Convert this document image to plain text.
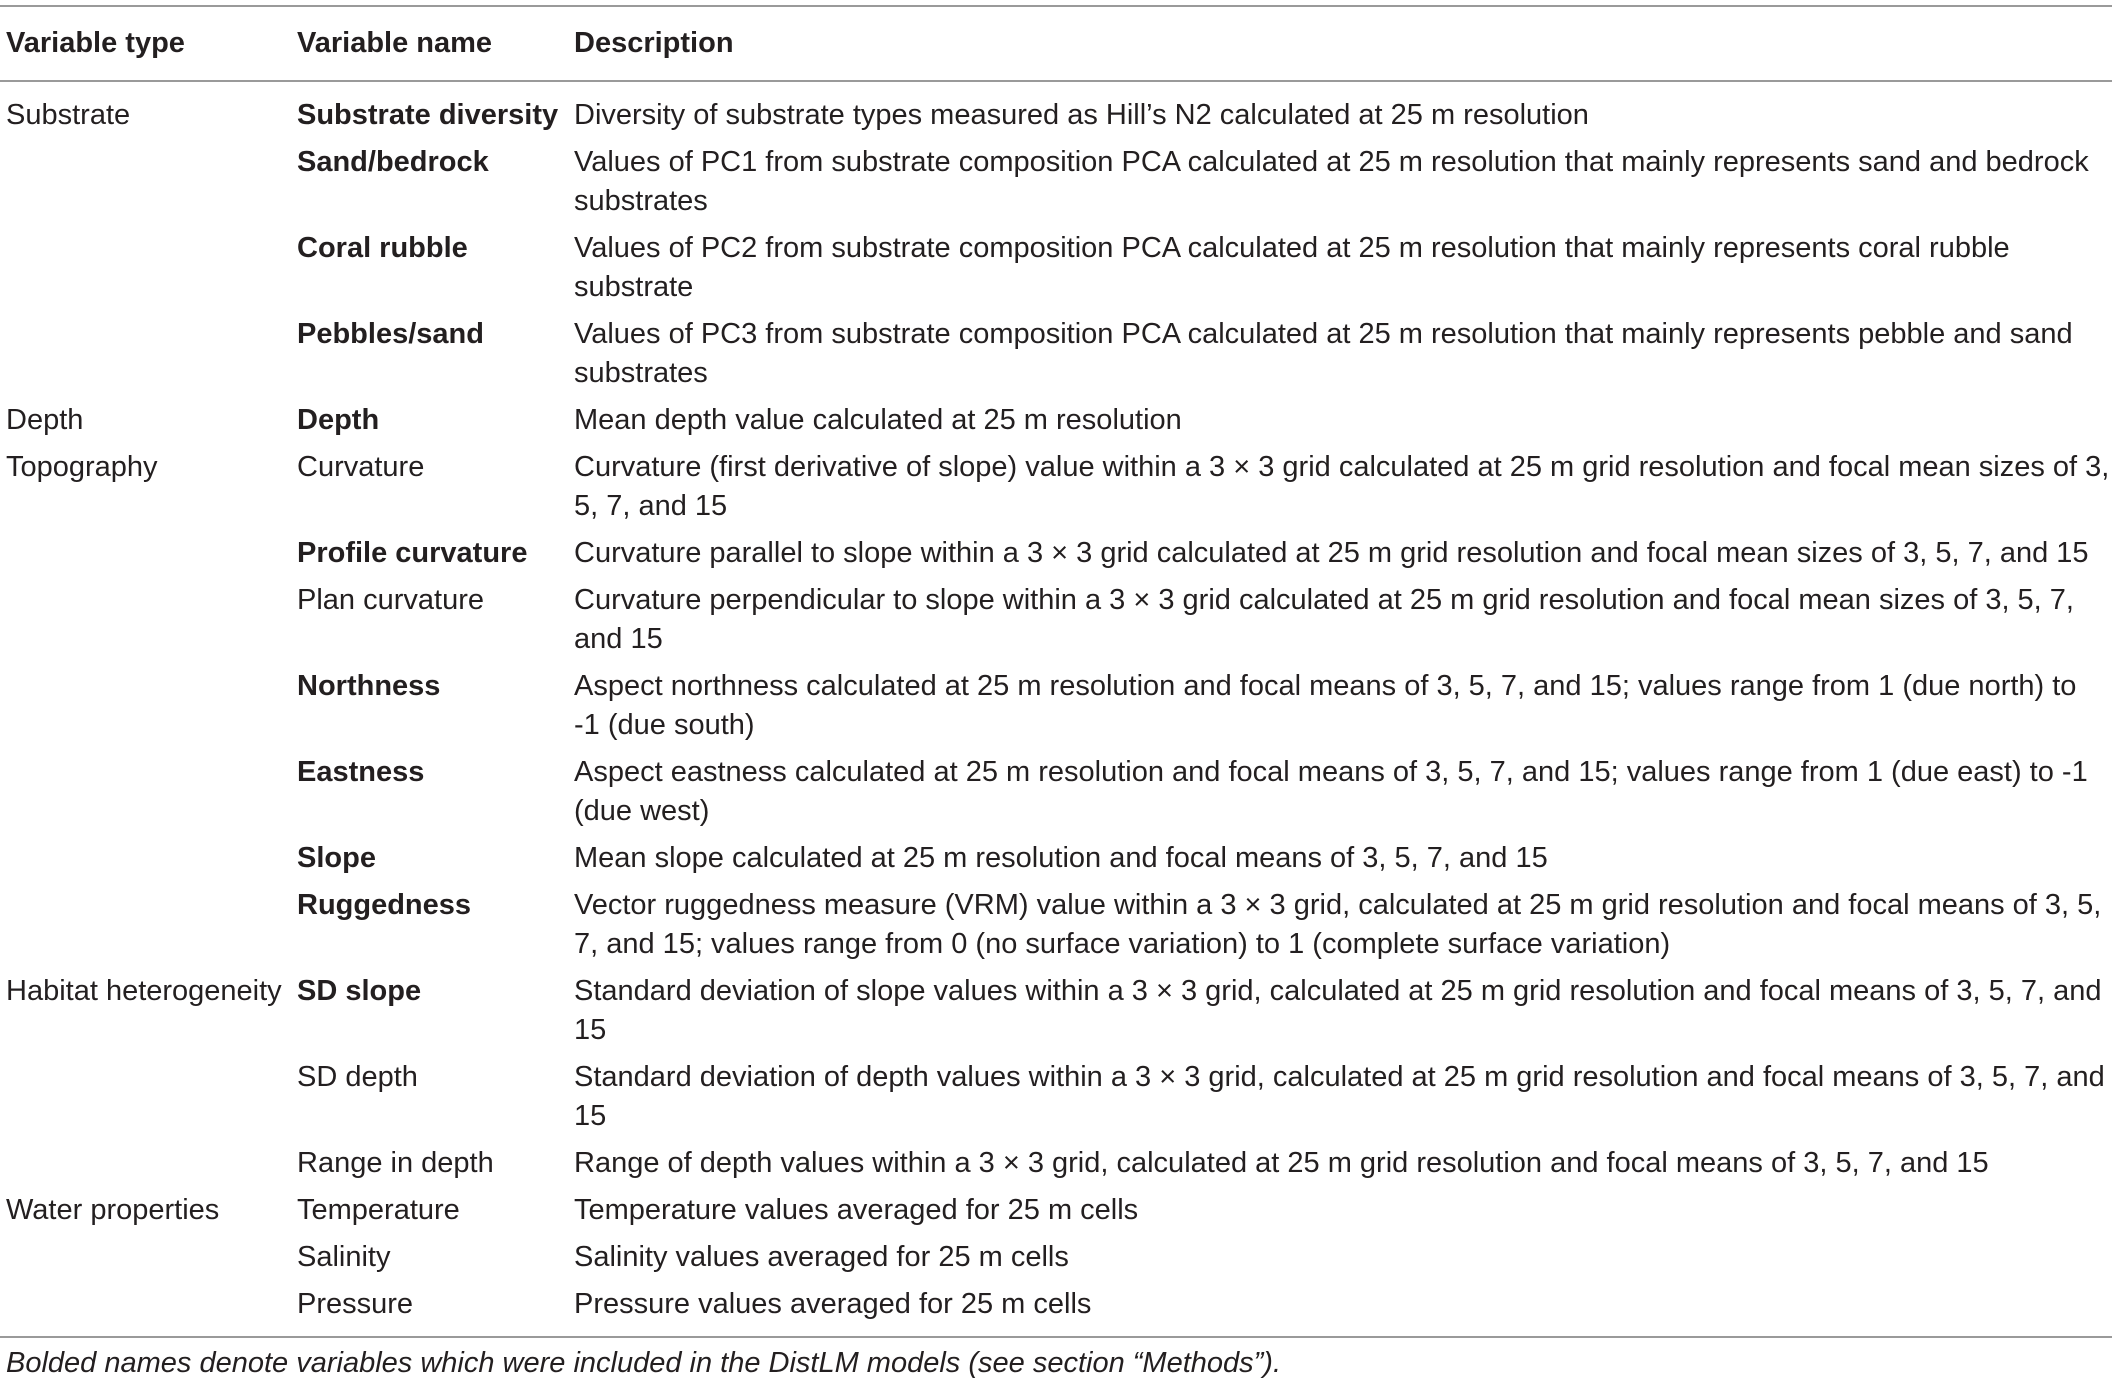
Variable type	Variable name	Description
Substrate	Substrate diversity	Diversity of substrate types measured as Hill’s N2 calculated at 25 m resolution
	Sand/bedrock	Values of PC1 from substrate composition PCA calculated at 25 m resolution that mainly represents sand and bedrock substrates
	Coral rubble	Values of PC2 from substrate composition PCA calculated at 25 m resolution that mainly represents coral rubble substrate
	Pebbles/sand	Values of PC3 from substrate composition PCA calculated at 25 m resolution that mainly represents pebble and sand substrates
Depth	Depth	Mean depth value calculated at 25 m resolution
Topography	Curvature	Curvature (first derivative of slope) value within a 3 × 3 grid calculated at 25 m grid resolution and focal mean sizes of 3, 5, 7, and 15
	Profile curvature	Curvature parallel to slope within a 3 × 3 grid calculated at 25 m grid resolution and focal mean sizes of 3, 5, 7, and 15
	Plan curvature	Curvature perpendicular to slope within a 3 × 3 grid calculated at 25 m grid resolution and focal mean sizes of 3, 5, 7, and 15
	Northness	Aspect northness calculated at 25 m resolution and focal means of 3, 5, 7, and 15; values range from 1 (due north) to -1 (due south)
	Eastness	Aspect eastness calculated at 25 m resolution and focal means of 3, 5, 7, and 15; values range from 1 (due east) to -1 (due west)
	Slope	Mean slope calculated at 25 m resolution and focal means of 3, 5, 7, and 15
	Ruggedness	Vector ruggedness measure (VRM) value within a 3 × 3 grid, calculated at 25 m grid resolution and focal means of 3, 5, 7, and 15; values range from 0 (no surface variation) to 1 (complete surface variation)
Habitat heterogeneity	SD slope	Standard deviation of slope values within a 3 × 3 grid, calculated at 25 m grid resolution and focal means of 3, 5, 7, and 15
	SD depth	Standard deviation of depth values within a 3 × 3 grid, calculated at 25 m grid resolution and focal means of 3, 5, 7, and 15
	Range in depth	Range of depth values within a 3 × 3 grid, calculated at 25 m grid resolution and focal means of 3, 5, 7, and 15
Water properties	Temperature	Temperature values averaged for 25 m cells
	Salinity	Salinity values averaged for 25 m cells
	Pressure	Pressure values averaged for 25 m cells
Bolded names denote variables which were included in the DistLM models (see section “Methods”).
